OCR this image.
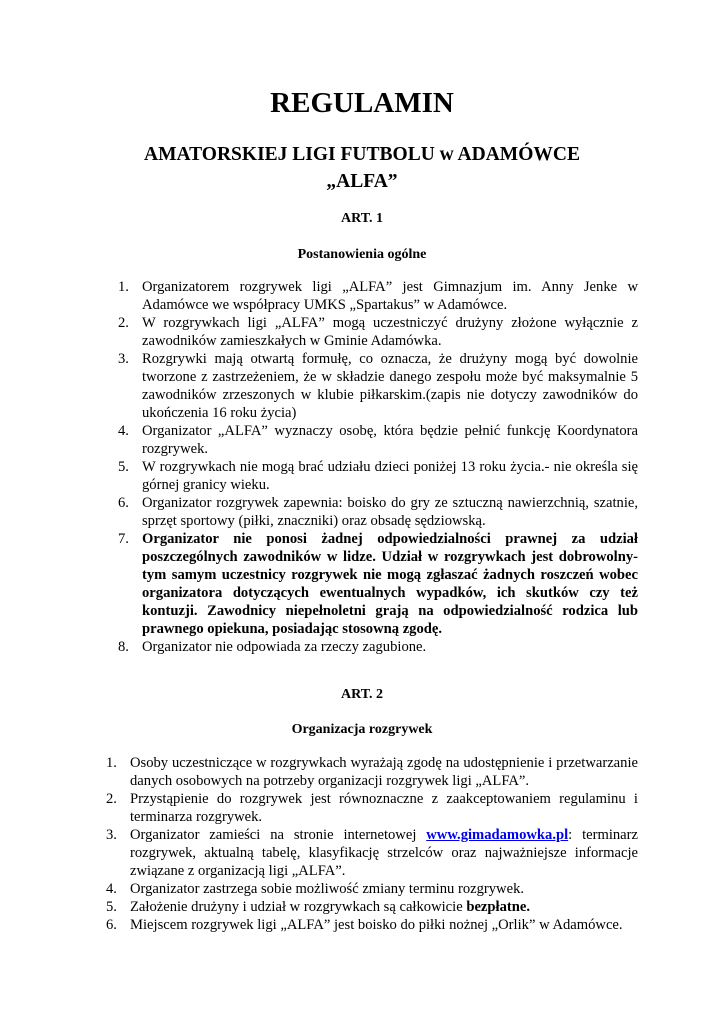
REGULAMIN
AMATORSKIEJ LIGI FUTBOLU w ADAMÓWCE
„ALFA”
ART. 1
Postanowienia ogólne
1. Organizatorem rozgrywek ligi „ALFA” jest Gimnazjum im. Anny Jenke w Adamówce we współpracy UMKS „Spartakus” w Adamówce.
2. W rozgrywkach ligi „ALFA” mogą uczestniczyć drużyny złożone wyłącznie z zawodników zamieszkałych w Gminie Adamówka.
3. Rozgrywki mają otwartą formułę, co oznacza, że drużyny mogą być dowolnie tworzone z zastrzeżeniem, że w składzie danego zespołu może być maksymalnie 5 zawodników zrzeszonych w klubie piłkarskim.(zapis nie dotyczy zawodników do ukończenia 16 roku życia)
4. Organizator „ALFA” wyznaczy osobę, która będzie pełnić funkcję Koordynatora rozgrywek.
5. W rozgrywkach nie mogą brać udziału dzieci poniżej 13 roku życia.- nie określa się górnej granicy wieku.
6. Organizator rozgrywek zapewnia: boisko do gry ze sztuczną nawierzchnią, szatnie, sprzęt sportowy (piłki, znaczniki) oraz obsadę sędziowską.
7. Organizator nie ponosi żadnej odpowiedzialności prawnej za udział poszczególnych zawodników w lidze. Udział w rozgrywkach jest dobrowolny- tym samym uczestnicy rozgrywek nie mogą zgłaszać żadnych roszczeń wobec organizatora dotyczących ewentualnych wypadków, ich skutków czy też kontuzji. Zawodnicy niepełnoletni grają na odpowiedzialność rodzica lub prawnego opiekuna, posiadając stosowną zgodę.
8. Organizator nie odpowiada za rzeczy zagubione.
ART. 2
Organizacja rozgrywek
1. Osoby uczestniczące w rozgrywkach wyrażają zgodę na udostępnienie i przetwarzanie danych osobowych na potrzeby organizacji rozgrywek ligi „ALFA”.
2. Przystąpienie do rozgrywek jest równoznaczne z zaakceptowaniem regulaminu i terminarza rozgrywek.
3. Organizator zamieści na stronie internetowej www.gimadamowka.pl: terminarz rozgrywek, aktualną tabelę, klasyfikację strzelców oraz najważniejsze informacje związane z organizacją ligi „ALFA”.
4. Organizator zastrzega sobie możliwość zmiany terminu rozgrywek.
5. Założenie drużyny i udział w rozgrywkach są całkowicie bezpłatne.
6. Miejscem rozgrywek ligi „ALFA” jest boisko do piłki nożnej „Orlik” w Adamówce.
